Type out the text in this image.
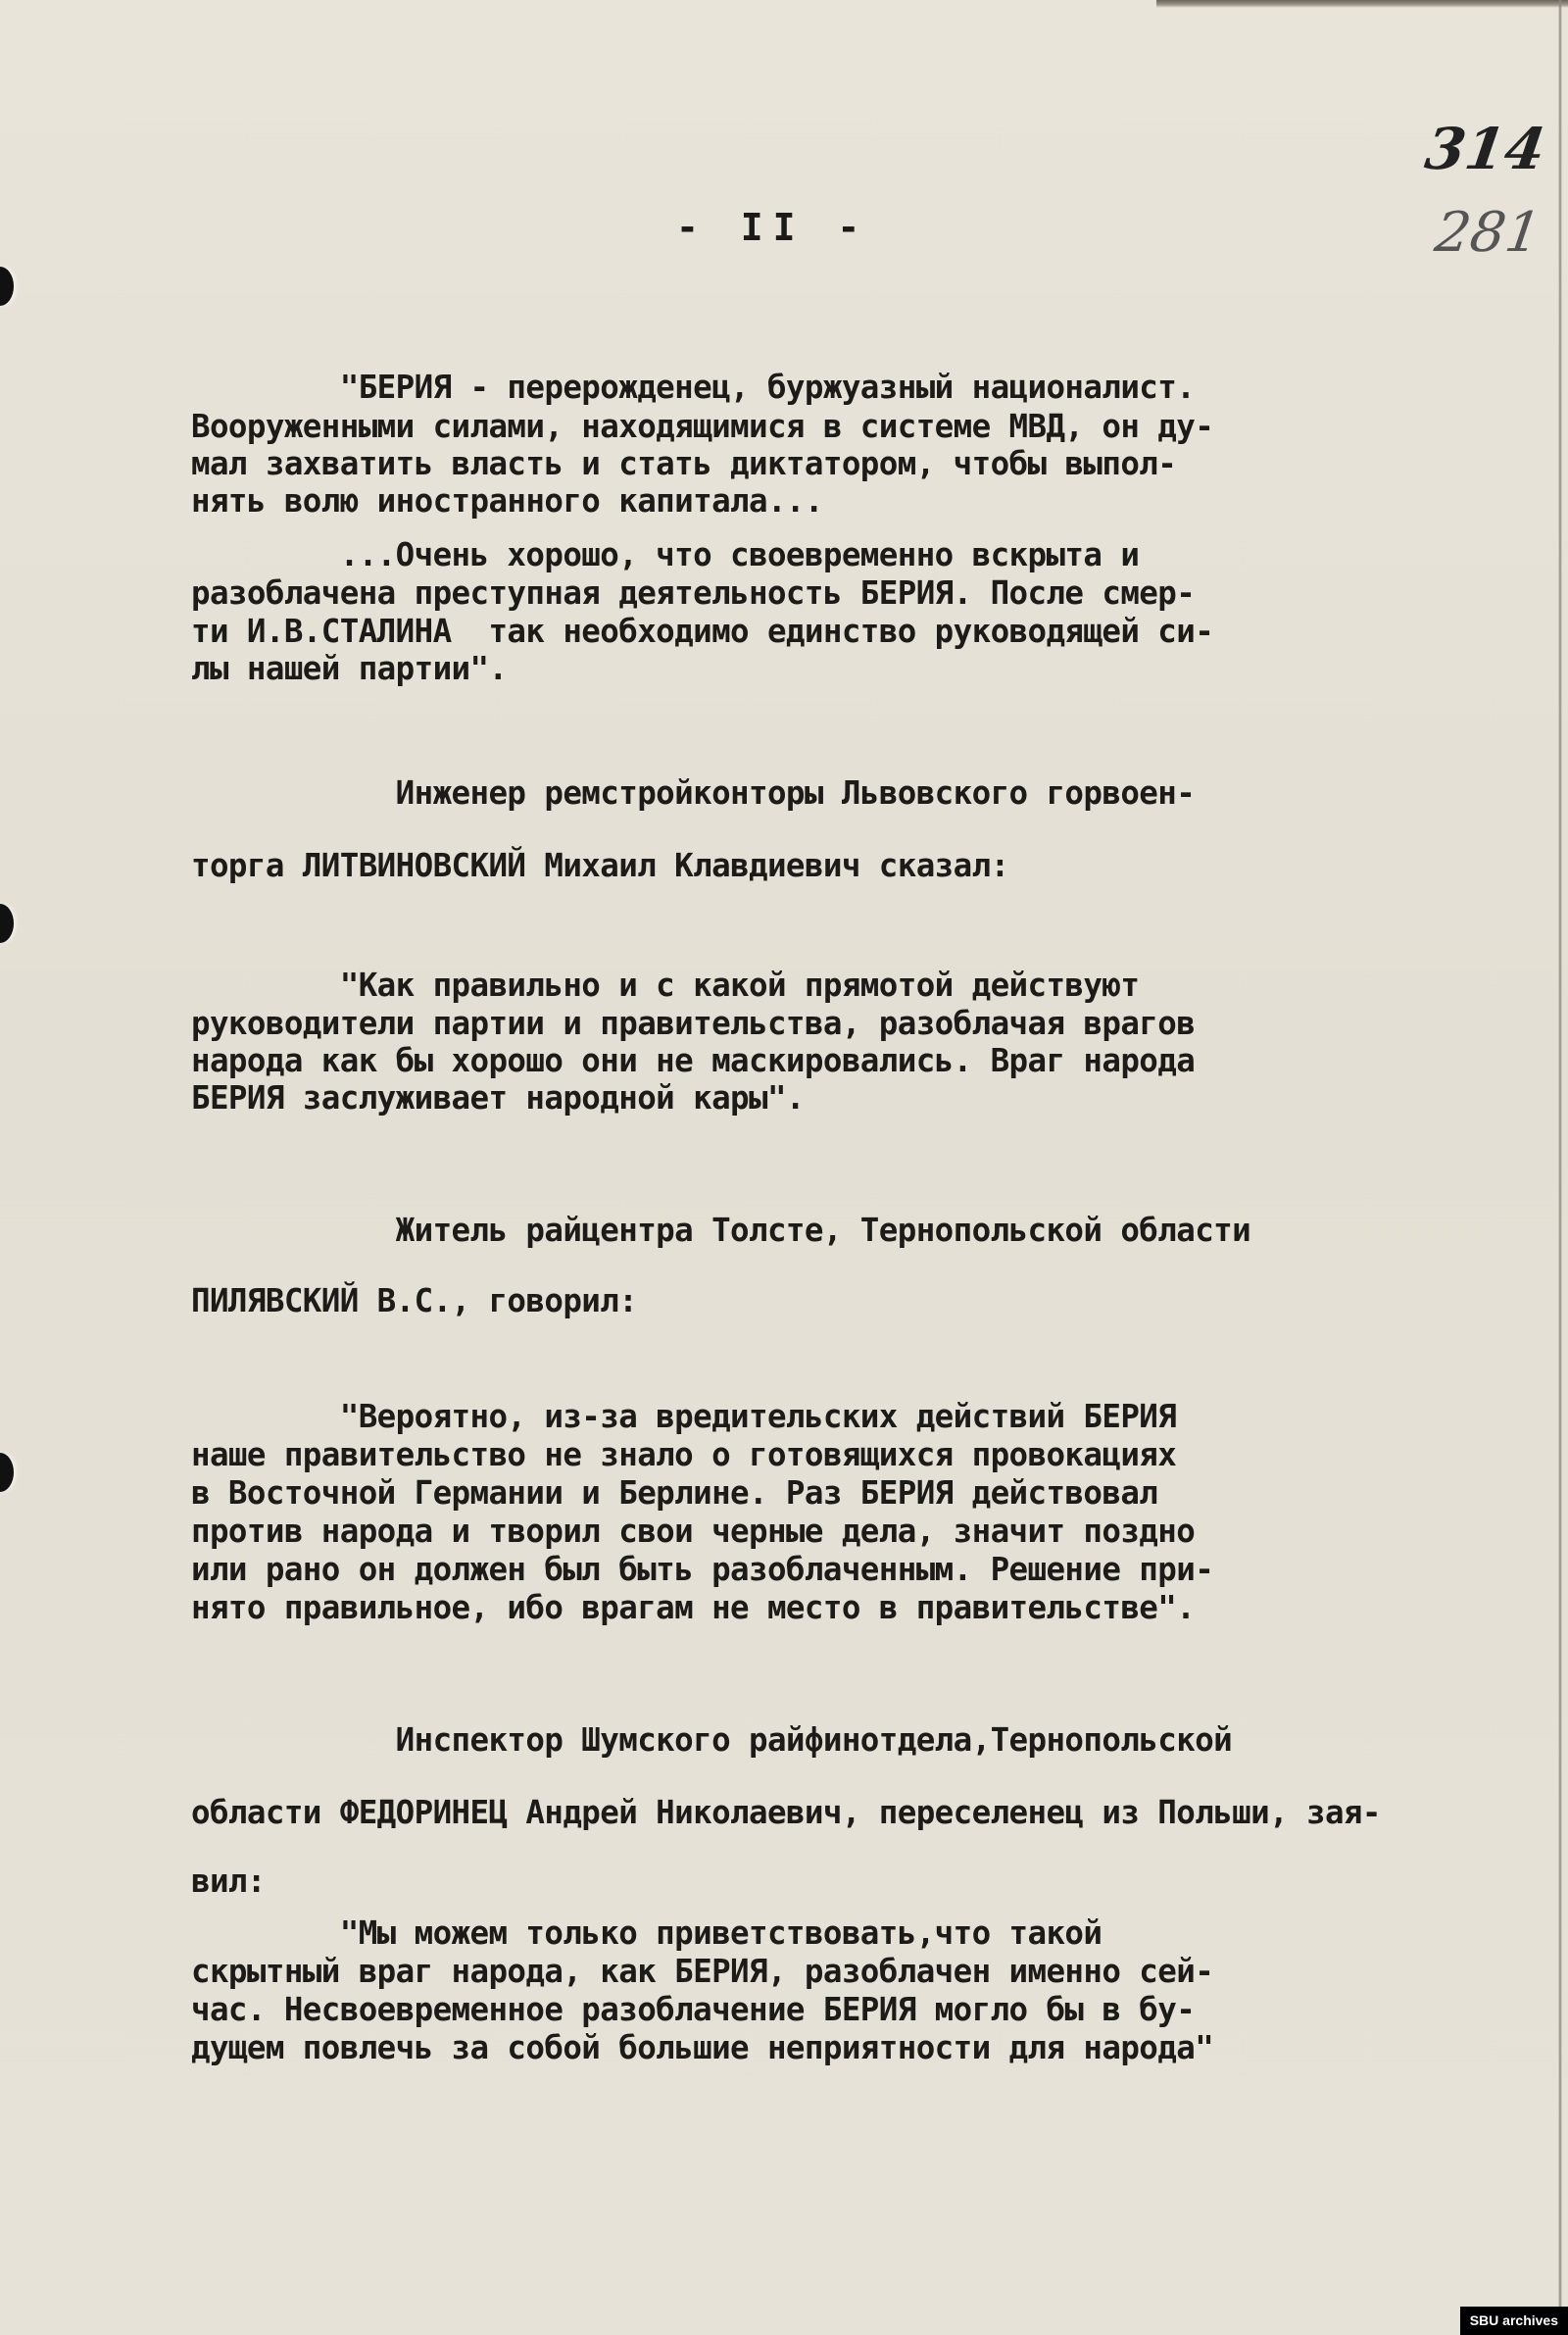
314
281
- II -
"БЕРИЯ - перерожденец, буржуазный националист.
Вооруженными силами, находящимися в системе МВД, он ду-
мал захватить власть и стать диктатором, чтобы выпол-
нять волю иностранного капитала...
...Очень хорошо, что своевременно вскрыта и
разоблачена преступная деятельность БЕРИЯ. После смер-
ти И.В.СТАЛИНА  так необходимо единство руководящей си-
лы нашей партии".
Инженер ремстройконторы Львовского горвоен-
торга ЛИТВИНОВСКИЙ Михаил Клавдиевич сказал:
"Как правильно и с какой прямотой действуют
руководители партии и правительства, разоблачая врагов
народа как бы хорошо они не маскировались. Враг народа
БЕРИЯ заслуживает народной кары".
Житель райцентра Толсте, Тернопольской области
ПИЛЯВСКИЙ В.С., говорил:
"Вероятно, из-за вредительских действий БЕРИЯ
наше правительство не знало о готовящихся провокациях
в Восточной Германии и Берлине. Раз БЕРИЯ действовал
против народа и творил свои черные дела, значит поздно
или рано он должен был быть разоблаченным. Решение при-
нято правильное, ибо врагам не место в правительстве".
Инспектор Шумского райфинотдела,Тернопольской
области ФЕДОРИНЕЦ Андрей Николаевич, переселенец из Польши, зая-
вил:
"Мы можем только приветствовать,что такой
скрытный враг народа, как БЕРИЯ, разоблачен именно сей-
час. Несвоевременное разоблачение БЕРИЯ могло бы в бу-
дущем повлечь за собой большие неприятности для народа"
SBU archives
